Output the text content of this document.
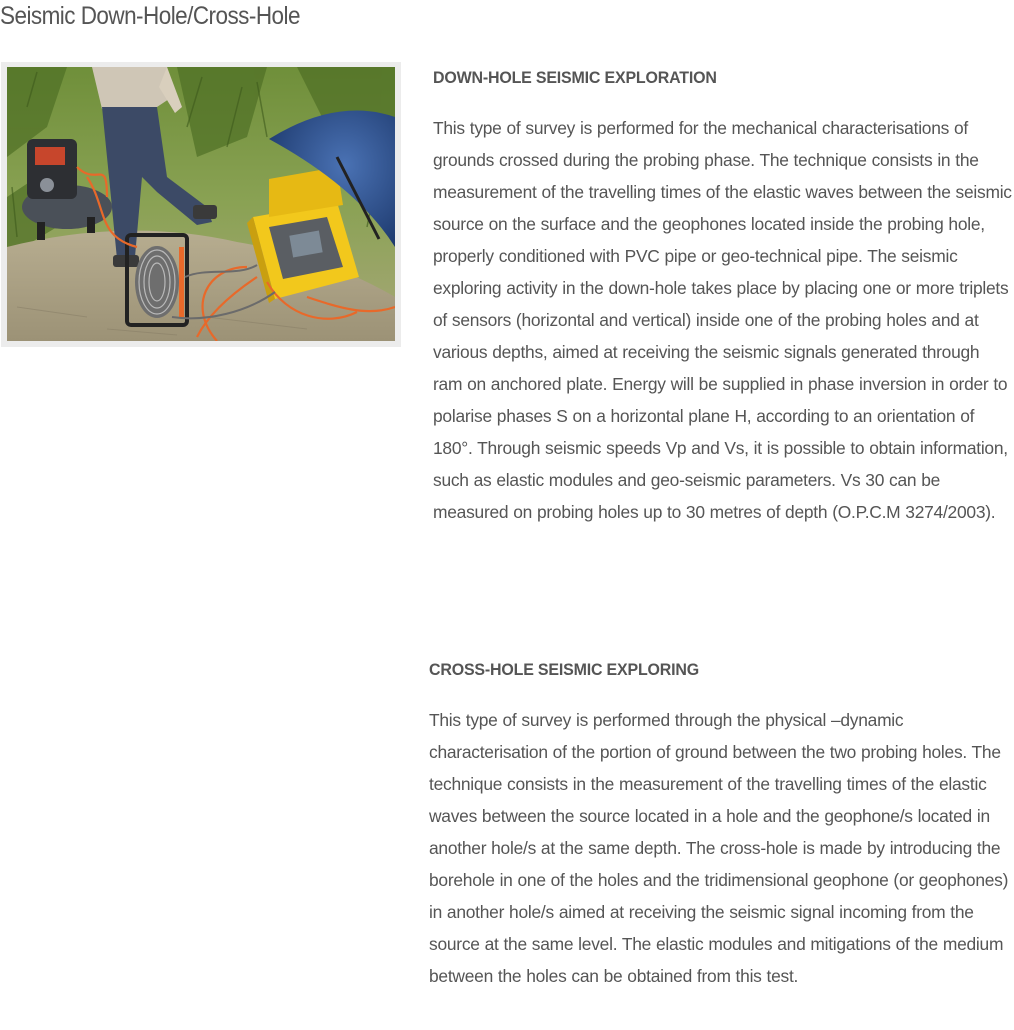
Seismic Down-Hole/Cross-Hole
DOWN-HOLE SEISMIC EXPLORATION

This type of survey is performed for the mechanical characterisations of grounds crossed during the probing phase. The technique consists in the measurement of the travelling times of the elastic waves between the seismic source on the surface and the geophones located inside the probing hole, properly conditioned with PVC pipe or geo-technical pipe. The seismic exploring activity in the down-hole takes place by placing one or more triplets of sensors (horizontal and vertical) inside one of the probing holes and at various depths, aimed at receiving the seismic signals generated through ram on anchored plate. Energy will be supplied in phase inversion in order to polarise phases S on a horizontal plane H, according to an orientation of 180°. Through seismic speeds Vp and Vs, it is possible to obtain information, such as elastic modules and geo-seismic parameters. Vs 30 can be measured on probing holes up to 30 metres of depth (O.P.C.M 3274/2003).

CROSS-HOLE SEISMIC EXPLORING

This type of survey is performed through the physical –dynamic characterisation of the portion of ground between the two probing holes. The technique consists in the measurement of the travelling times of the elastic waves between the source located in a hole and the geophone/s located in another hole/s at the same depth. The cross-hole is made by introducing the borehole in one of the holes and the tridimensional geophone (or geophones) in another hole/s aimed at receiving the seismic signal incoming from the source at the same level. The elastic modules and mitigations of the medium between the holes can be obtained from this test.
